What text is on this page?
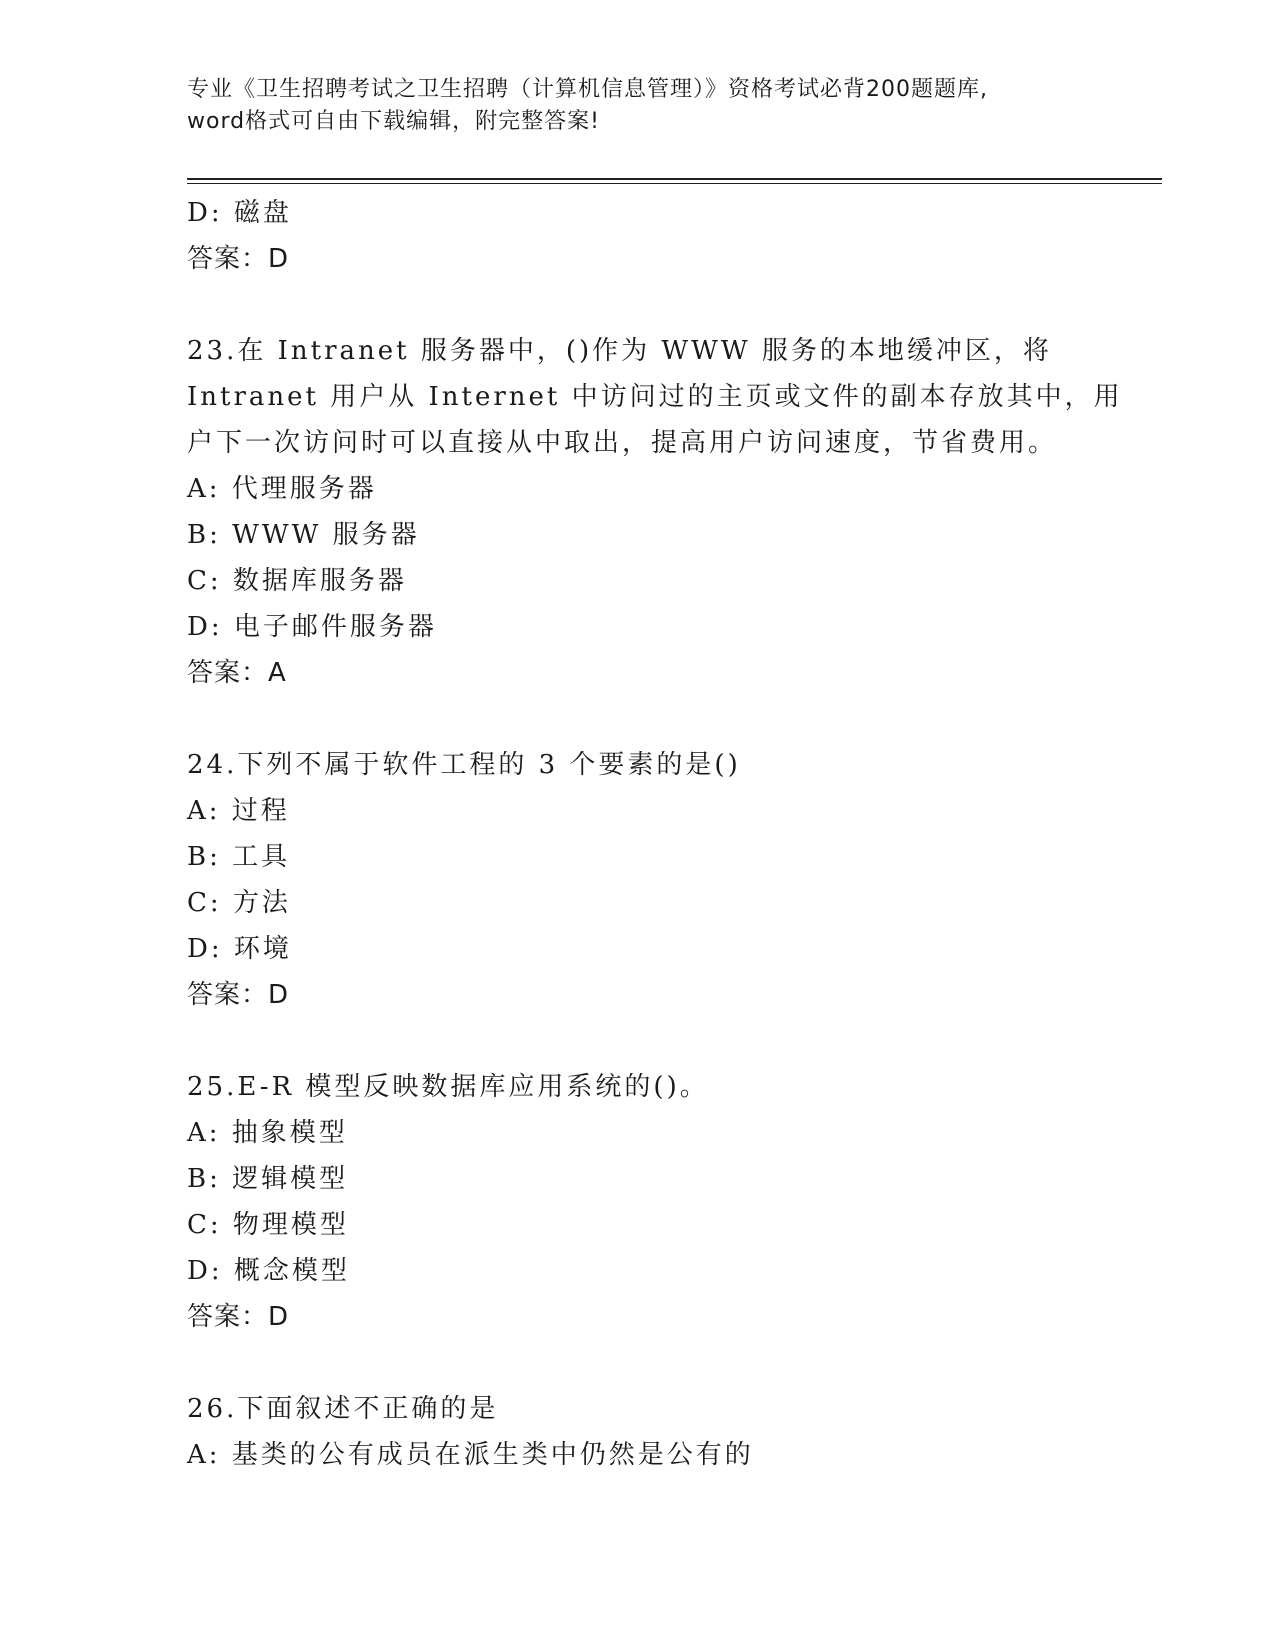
专业《卫生招聘考试之卫生招聘（计算机信息管理）》资格考试必背200题题库,
word格式可自由下载编辑，附完整答案!
D: 磁盘
答案：D
23.在 Intranet 服务器中，()作为 WWW 服务的本地缓冲区，将
Intranet 用户从 Internet 中访问过的主页或文件的副本存放其中，用
户下一次访问时可以直接从中取出，提高用户访问速度，节省费用。
A: 代理服务器
B: WWW 服务器
C: 数据库服务器
D: 电子邮件服务器
答案：A
24.下列不属于软件工程的 3 个要素的是()
A: 过程
B: 工具
C: 方法
D: 环境
答案：D
25.E-R 模型反映数据库应用系统的()。
A: 抽象模型
B: 逻辑模型
C: 物理模型
D: 概念模型
答案：D
26.下面叙述不正确的是
A: 基类的公有成员在派生类中仍然是公有的
